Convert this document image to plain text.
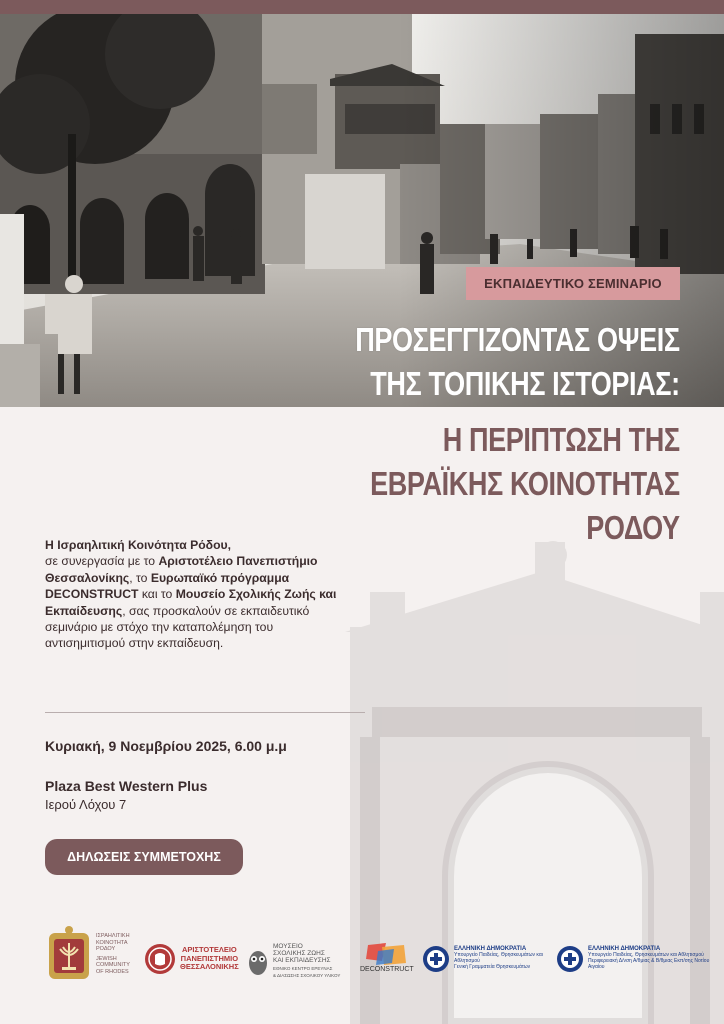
ΕΚΠΑΙΔΕΥΤΙΚΟ ΣΕΜΙΝΑΡΙΟ
ΠΡΟΣΕΓΓΙΖΟΝΤΑΣ ΟΨΕΙΣ
ΤΗΣ ΤΟΠΙΚΗΣ ΙΣΤΟΡΙΑΣ:
Η ΠΕΡΙΠΤΩΣΗ ΤΗΣ
ΕΒΡΑΪΚΗΣ ΚΟΙΝΟΤΗΤΑΣ
ΡΟΔΟΥ

Η Ισραηλιτική Κοινότητα Ρόδου,
σε συνεργασία με το Αριστοτέλειο Πανεπιστήμιο Θεσσαλονίκης, το Ευρωπαϊκό πρόγραμμα DECONSTRUCT και το Μουσείο Σχολικής Ζωής και Εκπαίδευσης, σας προσκαλούν σε εκπαιδευτικό σεμινάριο με στόχο την καταπολέμηση του αντισημιτισμού στην εκπαίδευση.

Κυριακή, 9 Νοεμβρίου 2025, 6.00 μ.μ
Plaza Best Western Plus
Ιερού Λόχου 7
ΔΗΛΩΣΕΙΣ ΣΥΜΜΕΤΟΧΗΣ
ΙΣΡΑΗΛΙΤΙΚΗ
ΚΟΙΝΟΤΗΤΑ
ΡΟΔΟΥ
JEWISH
COMMUNITY
OF RHODES
ΑΡΙΣΤΟΤΕΛΕΙΟ
ΠΑΝΕΠΙΣΤΗΜΙΟ
ΘΕΣΣΑΛΟΝΙΚΗΣ
ΜΟΥΣΕΙΟ
ΣΧΟΛΙΚΗΣ ΖΩΗΣ
ΚΑΙ ΕΚΠΑΙΔΕΥΣΗΣ
ΕΘΝΙΚΟ ΚΕΝΤΡΟ ΕΡΕΥΝΑΣ
& ΔΙΑΣΩΣΗΣ ΣΧΟΛΙΚΟΥ ΥΛΙΚΟΥ
DECONSTRUCT
ΕΛΛΗΝΙΚΗ ΔΗΜΟΚΡΑΤΙΑ
Υπουργείο Παιδείας, Θρησκευμάτων και Αθλητισμού
Γενική Γραμματεία Θρησκευμάτων
ΕΛΛΗΝΙΚΗ ΔΗΜΟΚΡΑΤΙΑ
Υπουργείο Παιδείας, Θρησκευμάτων και Αθλητισμού
Περιφερειακή Δ/νση Α/θμιας & Β/θμιας Εκπ/σης Νοτίου Αιγαίου
